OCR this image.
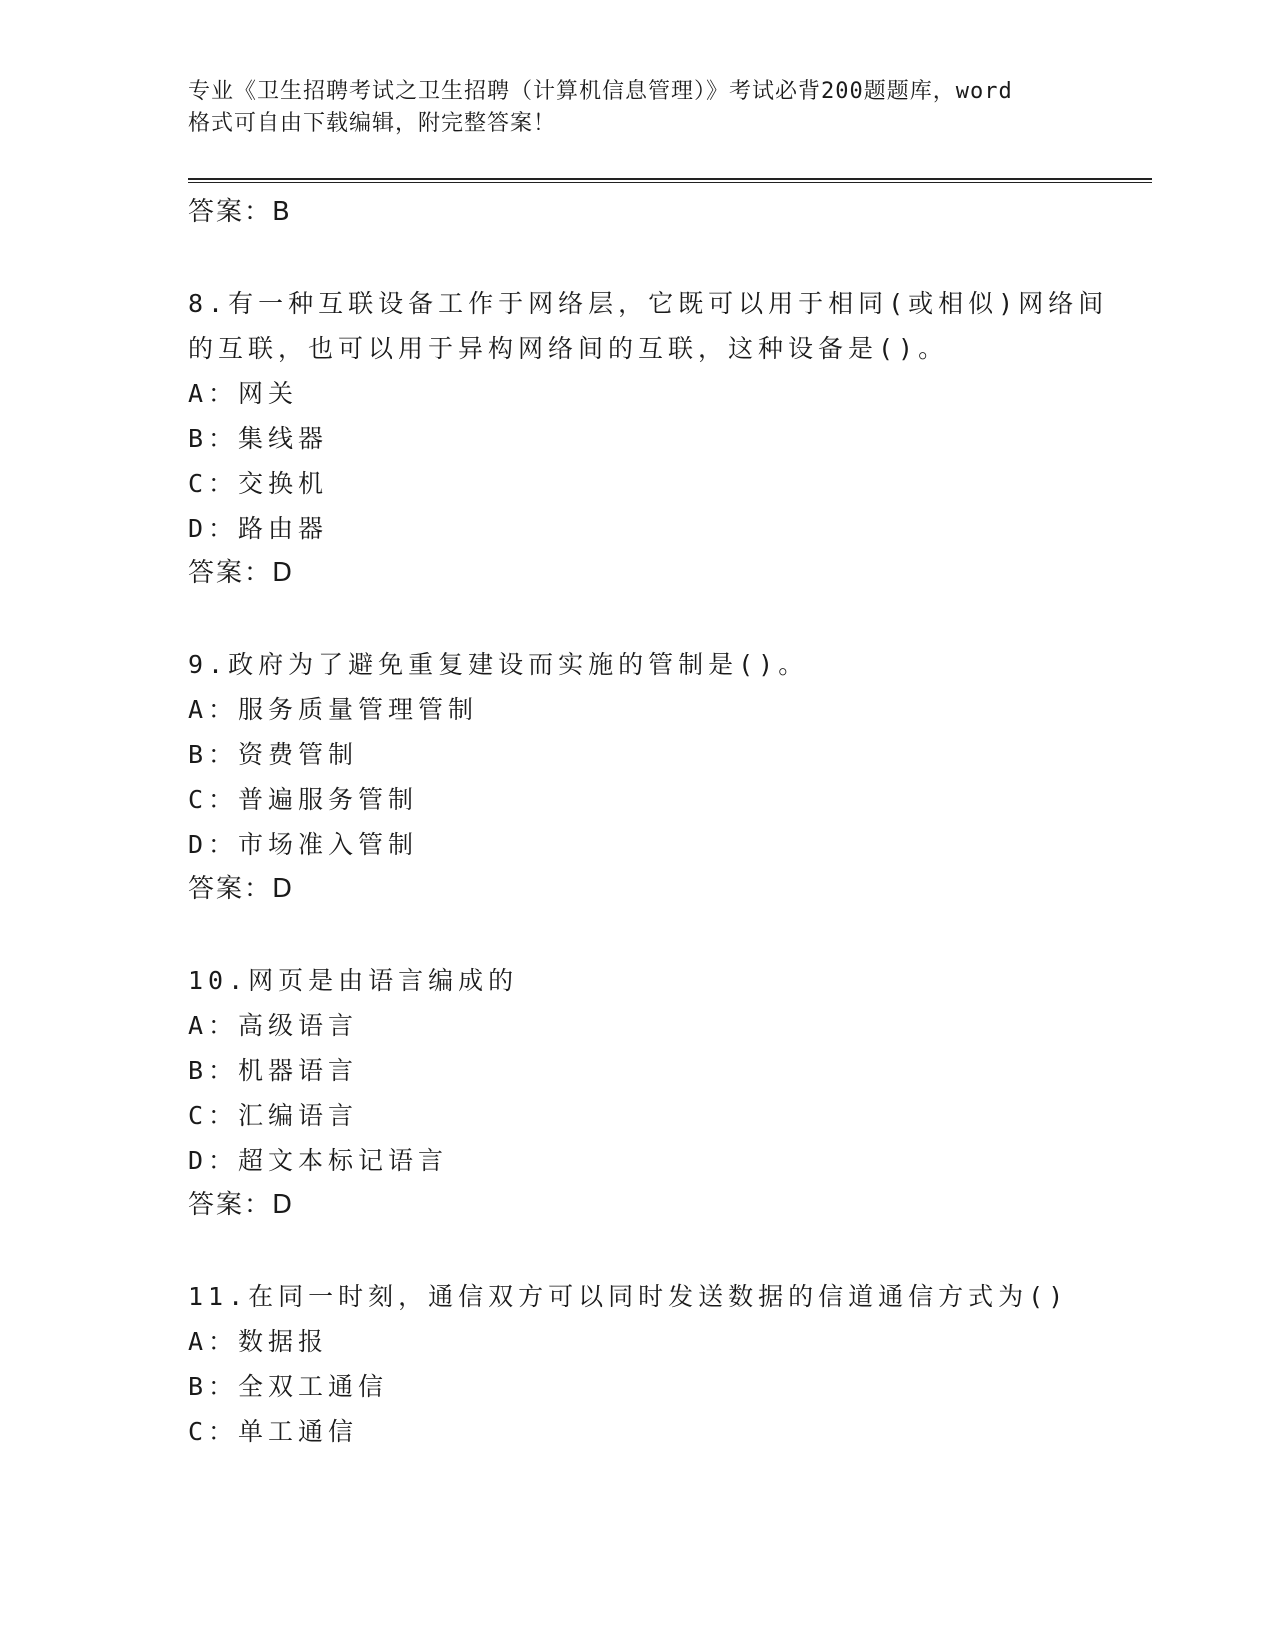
专业《卫生招聘考试之卫生招聘（计算机信息管理）》考试必背200题题库，word
格式可自由下载编辑，附完整答案！
答案：B
8.有一种互联设备工作于网络层，它既可以用于相同(或相似)网络间
的互联，也可以用于异构网络间的互联，这种设备是()。
A：网关
B：集线器
C：交换机
D：路由器
答案：D
9.政府为了避免重复建设而实施的管制是()。
A：服务质量管理管制
B：资费管制
C：普遍服务管制
D：市场准入管制
答案：D
10.网页是由语言编成的
A：高级语言
B：机器语言
C：汇编语言
D：超文本标记语言
答案：D
11.在同一时刻，通信双方可以同时发送数据的信道通信方式为()
A：数据报
B：全双工通信
C：单工通信
